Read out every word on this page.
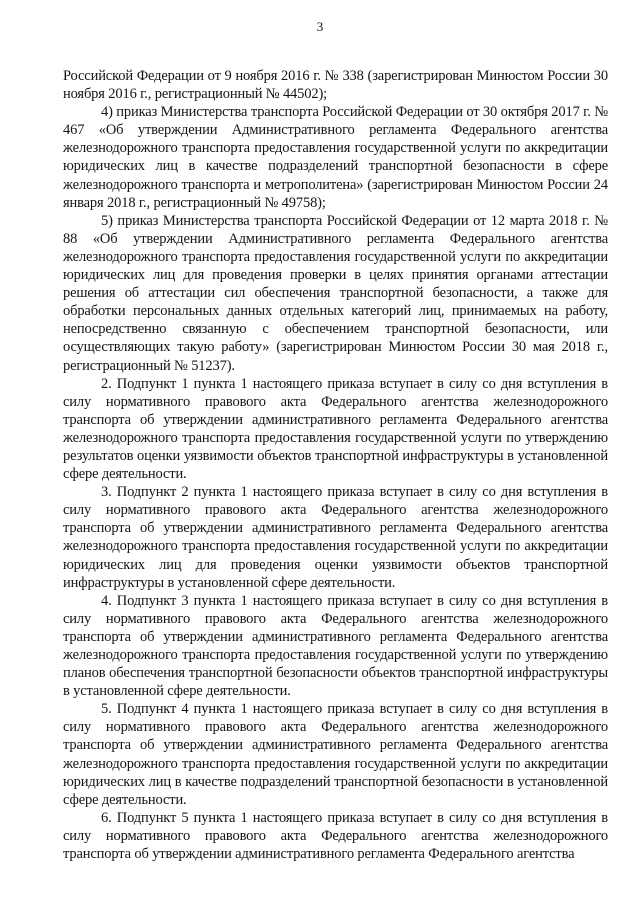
3

Российской Федерации от 9 ноября 2016 г. № 338 (зарегистрирован Минюстом России 30 ноября 2016 г., регистрационный № 44502);

4) приказ Министерства транспорта Российской Федерации от 30 октября 2017 г. № 467 «Об утверждении Административного регламента Федерального агентства железнодорожного транспорта предоставления государственной услуги по аккредитации юридических лиц в качестве подразделений транспортной безопасности в сфере железнодорожного транспорта и метрополитена» (зарегистрирован Минюстом России 24 января 2018 г., регистрационный № 49758);

5) приказ Министерства транспорта Российской Федерации от 12 марта 2018 г. № 88 «Об утверждении Административного регламента Федерального агентства железнодорожного транспорта предоставления государственной услуги по аккредитации юридических лиц для проведения проверки в целях принятия органами аттестации решения об аттестации сил обеспечения транспортной безопасности, а также для обработки персональных данных отдельных категорий лиц, принимаемых на работу, непосредственно связанную с обеспечением транспортной безопасности, или осуществляющих такую работу» (зарегистрирован Минюстом России 30 мая 2018 г., регистрационный № 51237).

2. Подпункт 1 пункта 1 настоящего приказа вступает в силу со дня вступления в силу нормативного правового акта Федерального агентства железнодорожного транспорта об утверждении административного регламента Федерального агентства железнодорожного транспорта предоставления государственной услуги по утверждению результатов оценки уязвимости объектов транспортной инфраструктуры в установленной сфере деятельности.

3. Подпункт 2 пункта 1 настоящего приказа вступает в силу со дня вступления в силу нормативного правового акта Федерального агентства железнодорожного транспорта об утверждении административного регламента Федерального агентства железнодорожного транспорта предоставления государственной услуги по аккредитации юридических лиц для проведения оценки уязвимости объектов транспортной инфраструктуры в установленной сфере деятельности.

4. Подпункт 3 пункта 1 настоящего приказа вступает в силу со дня вступления в силу нормативного правового акта Федерального агентства железнодорожного транспорта об утверждении административного регламента Федерального агентства железнодорожного транспорта предоставления государственной услуги по утверждению планов обеспечения транспортной безопасности объектов транспортной инфраструктуры в установленной сфере деятельности.

5. Подпункт 4 пункта 1 настоящего приказа вступает в силу со дня вступления в силу нормативного правового акта Федерального агентства железнодорожного транспорта об утверждении административного регламента Федерального агентства железнодорожного транспорта предоставления государственной услуги по аккредитации юридических лиц в качестве подразделений транспортной безопасности в установленной сфере деятельности.

6. Подпункт 5 пункта 1 настоящего приказа вступает в силу со дня вступления в силу нормативного правового акта Федерального агентства железнодорожного транспорта об утверждении административного регламента Федерального агентства
